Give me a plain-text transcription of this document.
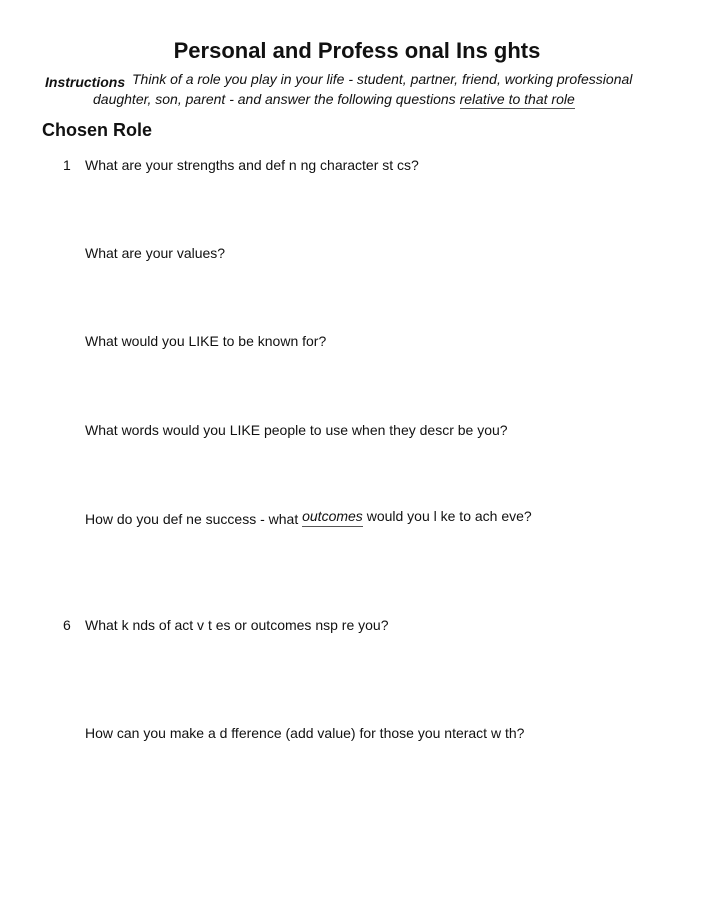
Personal and Profess onal Ins ghts
Instructions Think of a role you play in your life - student, partner, friend, working professional
daughter, son, parent - and answer the following questions relative to that role
Chosen Role
1 What are your strengths and def n ng character st cs?
What are your values?
What would you LIKE to be known for?
What words would you LIKE people to use when they descr be you?
How do you def ne success - what outcomes would you l ke to ach eve?
6 What k nds of act v t es or outcomes nsp re you?
How can you make a d fference (add value) for those you nteract w th?
